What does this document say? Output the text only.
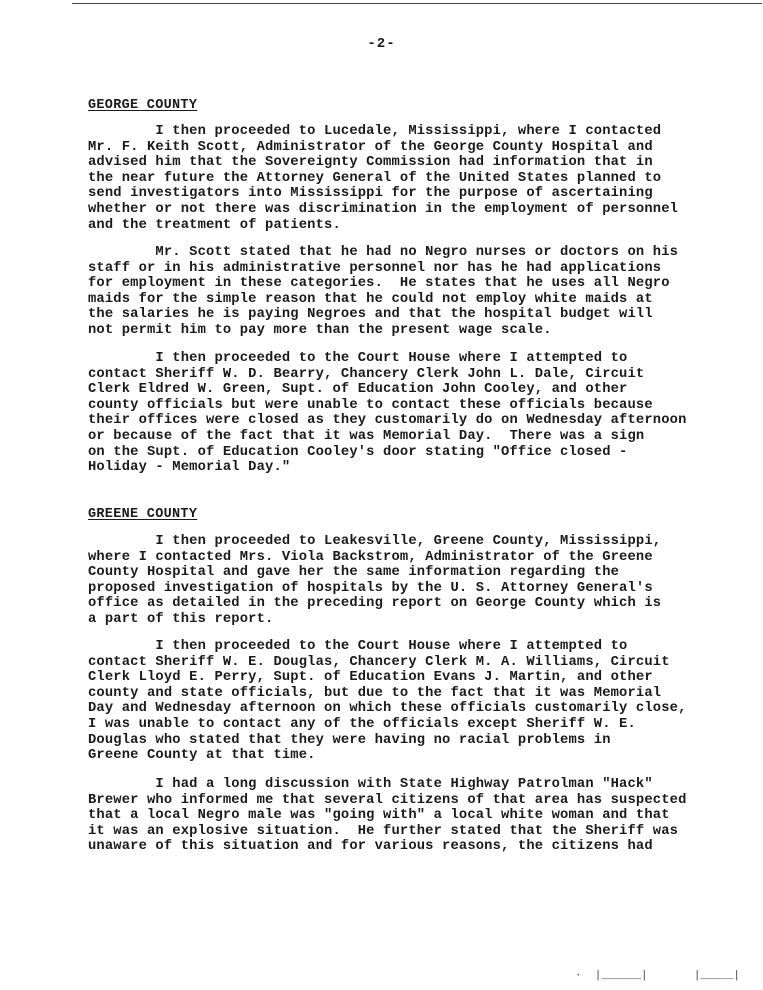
-2-
GEORGE COUNTY

I then proceeded to Lucedale, Mississippi, where I contacted
Mr. F. Keith Scott, Administrator of the George County Hospital and
advised him that the Sovereignty Commission had information that in
the near future the Attorney General of the United States planned to
send investigators into Mississippi for the purpose of ascertaining
whether or not there was discrimination in the employment of personnel
and the treatment of patients.

Mr. Scott stated that he had no Negro nurses or doctors on his
staff or in his administrative personnel nor has he had applications
for employment in these categories.  He states that he uses all Negro
maids for the simple reason that he could not employ white maids at
the salaries he is paying Negroes and that the hospital budget will
not permit him to pay more than the present wage scale.

I then proceeded to the Court House where I attempted to
contact Sheriff W. D. Bearry, Chancery Clerk John L. Dale, Circuit
Clerk Eldred W. Green, Supt. of Education John Cooley, and other
county officials but were unable to contact these officials because
their offices were closed as they customarily do on Wednesday afternoon
or because of the fact that it was Memorial Day.  There was a sign
on the Supt. of Education Cooley's door stating "Office closed -
Holiday - Memorial Day."

GREENE COUNTY

I then proceeded to Leakesville, Greene County, Mississippi,
where I contacted Mrs. Viola Backstrom, Administrator of the Greene
County Hospital and gave her the same information regarding the
proposed investigation of hospitals by the U. S. Attorney General's
office as detailed in the preceding report on George County which is
a part of this report.

I then proceeded to the Court House where I attempted to
contact Sheriff W. E. Douglas, Chancery Clerk M. A. Williams, Circuit
Clerk Lloyd E. Perry, Supt. of Education Evans J. Martin, and other
county and state officials, but due to the fact that it was Memorial
Day and Wednesday afternoon on which these officials customarily close,
I was unable to contact any of the officials except Sheriff W. E.
Douglas who stated that they were having no racial problems in
Greene County at that time.

I had a long discussion with State Highway Patrolman "Hack"
Brewer who informed me that several citizens of that area has suspected
that a local Negro male was "going with" a local white woman and that
it was an explosive situation.  He further stated that the Sheriff was
unaware of this situation and for various reasons, the citizens had

·  |______|       |_____|
